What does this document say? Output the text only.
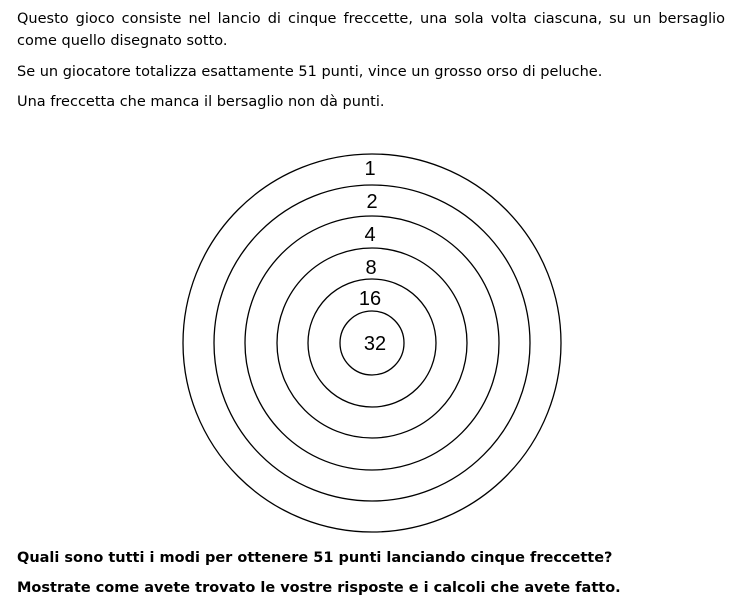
Questo gioco consiste nel lancio di cinque freccette, una sola volta ciascuna, su un bersaglio come quello disegnato sotto.

Se un giocatore totalizza esattamente 51 punti, vince un grosso orso di peluche.

Una freccetta che manca il bersaglio non dà punti.

1
2
4
8
16
32

Quali sono tutti i modi per ottenere 51 punti lanciando cinque freccette?

Mostrate come avete trovato le vostre risposte e i calcoli che avete fatto.
